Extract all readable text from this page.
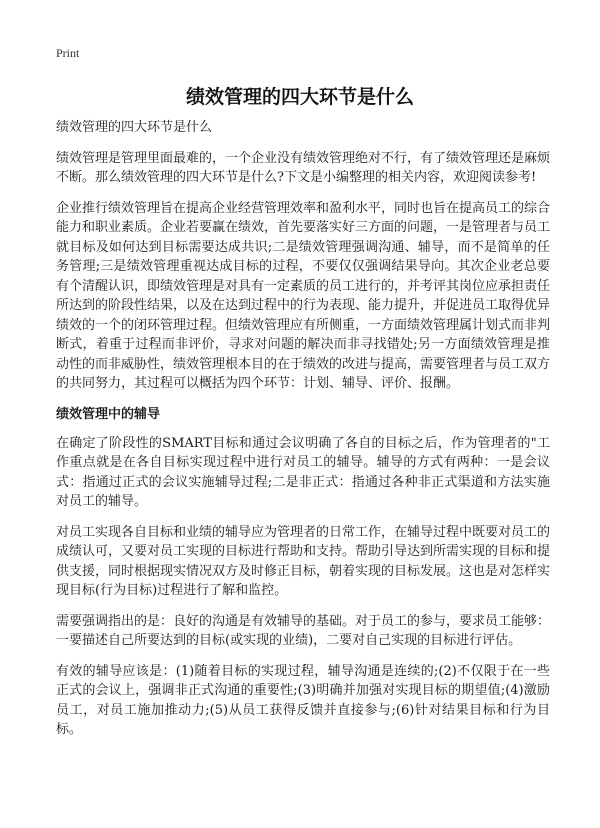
Print
绩效管理的四大环节是什么

绩效管理的四大环节是什么

绩效管理是管理里面最难的，一个企业没有绩效管理绝对不行，有了绩效管理还是麻烦不断。那么绩效管理的四大环节是什么?下文是小编整理的相关内容，欢迎阅读参考!

企业推行绩效管理旨在提高企业经营管理效率和盈利水平，同时也旨在提高员工的综合能力和职业素质。企业若要赢在绩效，首先要落实好三方面的问题，一是管理者与员工就目标及如何达到目标需要达成共识;二是绩效管理强调沟通、辅导，而不是简单的任务管理;三是绩效管理重视达成目标的过程，不要仅仅强调结果导向。其次企业老总要有个清醒认识，即绩效管理是对具有一定素质的员工进行的，并考评其岗位应承担责任所达到的阶段性结果，以及在达到过程中的行为表现、能力提升，并促进员工取得优异绩效的一个的闭环管理过程。但绩效管理应有所侧重，一方面绩效管理属计划式而非判断式，着重于过程而非评价，寻求对问题的解决而非寻找错处;另一方面绩效管理是推动性的而非威胁性，绩效管理根本目的在于绩效的改进与提高，需要管理者与员工双方的共同努力，其过程可以概括为四个环节：计划、辅导、评价、报酬。

绩效管理中的辅导

在确定了阶段性的SMART目标和通过会议明确了各自的目标之后，作为管理者的"工作重点就是在各自目标实现过程中进行对员工的辅导。辅导的方式有两种：一是会议式：指通过正式的会议实施辅导过程;二是非正式：指通过各种非正式渠道和方法实施对员工的辅导。

对员工实现各自目标和业绩的辅导应为管理者的日常工作，在辅导过程中既要对员工的成绩认可，又要对员工实现的目标进行帮助和支持。帮助引导达到所需实现的目标和提供支援，同时根据现实情况双方及时修正目标，朝着实现的目标发展。这也是对怎样实现目标(行为目标)过程进行了解和监控。

需要强调指出的是：良好的沟通是有效辅导的基础。对于员工的参与，要求员工能够：一要描述自己所要达到的目标(或实现的业绩)，二要对自己实现的目标进行评估。

有效的辅导应该是：(1)随着目标的实现过程，辅导沟通是连续的;(2)不仅限于在一些正式的会议上，强调非正式沟通的重要性;(3)明确并加强对实现目标的期望值;(4)激励员工，对员工施加推动力;(5)从员工获得反馈并直接参与;(6)针对结果目标和行为目标。
